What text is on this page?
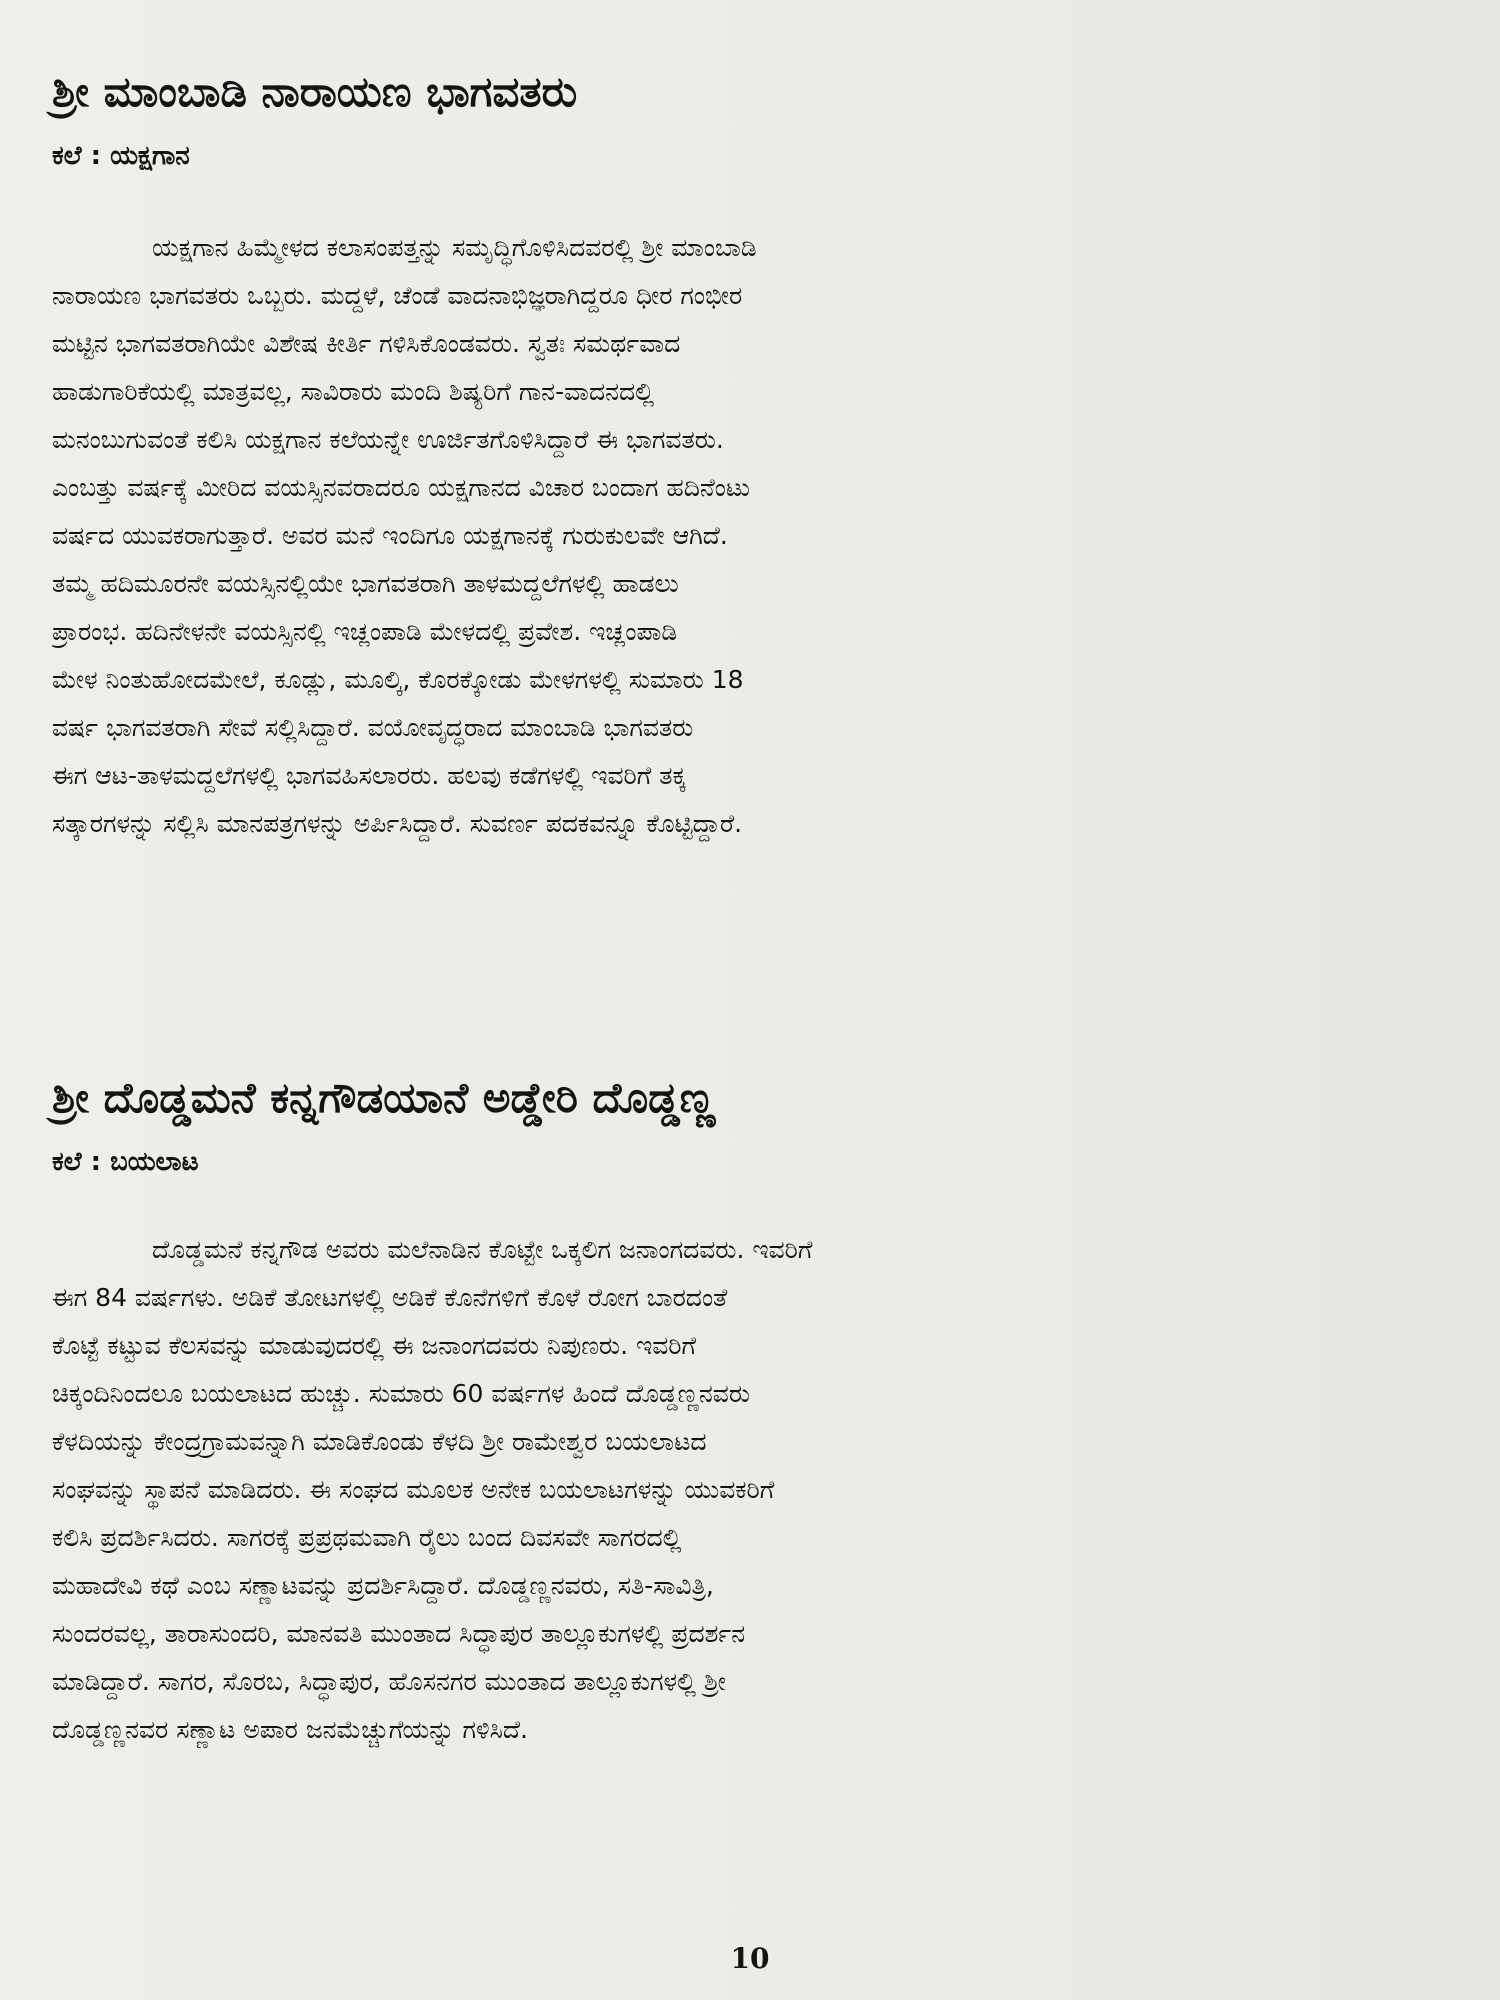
ಶ್ರೀ ಮಾಂಬಾಡಿ ನಾರಾಯಣ ಭಾಗವತರು
ಕಲೆ : ಯಕ್ಷಗಾನ
ಯಕ್ಷಗಾನ ಹಿಮ್ಮೇಳದ ಕಲಾಸಂಪತ್ತನ್ನು ಸಮೃದ್ಧಿಗೊಳಿಸಿದವರಲ್ಲಿ ಶ್ರೀ ಮಾಂಬಾಡಿ
ನಾರಾಯಣ ಭಾಗವತರು ಒಬ್ಬರು. ಮದ್ದಳೆ, ಚೆಂಡೆ ವಾದನಾಭಿಜ್ಞರಾಗಿದ್ದರೂ ಧೀರ ಗಂಭೀರ
ಮಟ್ಟಿನ ಭಾಗವತರಾಗಿಯೇ ವಿಶೇಷ ಕೀರ್ತಿ ಗಳಿಸಿಕೊಂಡವರು. ಸ್ವತಃ ಸಮರ್ಥವಾದ
ಹಾಡುಗಾರಿಕೆಯಲ್ಲಿ ಮಾತ್ರವಲ್ಲ, ಸಾವಿರಾರು ಮಂದಿ ಶಿಷ್ಯರಿಗೆ ಗಾನ-ವಾದನದಲ್ಲಿ
ಮನಂಬುಗುವಂತೆ ಕಲಿಸಿ ಯಕ್ಷಗಾನ ಕಲೆಯನ್ನೇ ಊರ್ಜಿತಗೊಳಿಸಿದ್ದಾರೆ ಈ ಭಾಗವತರು.
ಎಂಬತ್ತು ವರ್ಷಕ್ಕೆ ಮೀರಿದ ವಯಸ್ಸಿನವರಾದರೂ ಯಕ್ಷಗಾನದ ವಿಚಾರ ಬಂದಾಗ ಹದಿನೆಂಟು
ವರ್ಷದ ಯುವಕರಾಗುತ್ತಾರೆ. ಅವರ ಮನೆ ಇಂದಿಗೂ ಯಕ್ಷಗಾನಕ್ಕೆ ಗುರುಕುಲವೇ ಆಗಿದೆ.
ತಮ್ಮ ಹದಿಮೂರನೇ ವಯಸ್ಸಿನಲ್ಲಿಯೇ ಭಾಗವತರಾಗಿ ತಾಳಮದ್ದಲೆಗಳಲ್ಲಿ ಹಾಡಲು
ಪ್ರಾರಂಭ. ಹದಿನೇಳನೇ ವಯಸ್ಸಿನಲ್ಲಿ ಇಚ್ಲಂಪಾಡಿ ಮೇಳದಲ್ಲಿ ಪ್ರವೇಶ. ಇಚ್ಲಂಪಾಡಿ
ಮೇಳ ನಿಂತುಹೋದಮೇಲೆ, ಕೂಡ್ಲು, ಮೂಲ್ಕಿ, ಕೊರಕ್ಕೋಡು ಮೇಳಗಳಲ್ಲಿ ಸುಮಾರು 18
ವರ್ಷ ಭಾಗವತರಾಗಿ ಸೇವೆ ಸಲ್ಲಿಸಿದ್ದಾರೆ. ವಯೋವೃದ್ಧರಾದ ಮಾಂಬಾಡಿ ಭಾಗವತರು
ಈಗ ಆಟ-ತಾಳಮದ್ದಲೆಗಳಲ್ಲಿ ಭಾಗವಹಿಸಲಾರರು. ಹಲವು ಕಡೆಗಳಲ್ಲಿ ಇವರಿಗೆ ತಕ್ಕ
ಸತ್ಕಾರಗಳನ್ನು ಸಲ್ಲಿಸಿ ಮಾನಪತ್ರಗಳನ್ನು ಅರ್ಪಿಸಿದ್ದಾರೆ. ಸುವರ್ಣ ಪದಕವನ್ನೂ ಕೊಟ್ಟಿದ್ದಾರೆ.
ಶ್ರೀ ದೊಡ್ಡಮನೆ ಕನ್ನಗೌಡಯಾನೆ ಅಡ್ಡೇರಿ ದೊಡ್ಡಣ್ಣ
ಕಲೆ : ಬಯಲಾಟ
ದೊಡ್ಡಮನೆ ಕನ್ನಗೌಡ ಅವರು ಮಲೆನಾಡಿನ ಕೊಟ್ಟೇ ಒಕ್ಕಲಿಗ ಜನಾಂಗದವರು. ಇವರಿಗೆ
ಈಗ 84 ವರ್ಷಗಳು. ಅಡಿಕೆ ತೋಟಗಳಲ್ಲಿ ಅಡಿಕೆ ಕೊನೆಗಳಿಗೆ ಕೊಳೆ ರೋಗ ಬಾರದಂತೆ
ಕೊಟ್ಟೆ ಕಟ್ಟುವ ಕೆಲಸವನ್ನು ಮಾಡುವುದರಲ್ಲಿ ಈ ಜನಾಂಗದವರು ನಿಪುಣರು. ಇವರಿಗೆ
ಚಿಕ್ಕಂದಿನಿಂದಲೂ ಬಯಲಾಟದ ಹುಚ್ಚು. ಸುಮಾರು 60 ವರ್ಷಗಳ ಹಿಂದೆ ದೊಡ್ಡಣ್ಣನವರು
ಕೆಳದಿಯನ್ನು ಕೇಂದ್ರಗ್ರಾಮವನ್ನಾಗಿ ಮಾಡಿಕೊಂಡು ಕೆಳದಿ ಶ್ರೀ ರಾಮೇಶ್ವರ ಬಯಲಾಟದ
ಸಂಘವನ್ನು ಸ್ಥಾಪನೆ ಮಾಡಿದರು. ಈ ಸಂಘದ ಮೂಲಕ ಅನೇಕ ಬಯಲಾಟಗಳನ್ನು ಯುವಕರಿಗೆ
ಕಲಿಸಿ ಪ್ರದರ್ಶಿಸಿದರು. ಸಾಗರಕ್ಕೆ ಪ್ರಪ್ರಥಮವಾಗಿ ರೈಲು ಬಂದ ದಿವಸವೇ ಸಾಗರದಲ್ಲಿ
ಮಹಾದೇವಿ ಕಥೆ ಎಂಬ ಸಣ್ಣಾಟವನ್ನು ಪ್ರದರ್ಶಿಸಿದ್ದಾರೆ. ದೊಡ್ಡಣ್ಣನವರು, ಸತಿ-ಸಾವಿತ್ರಿ,
ಸುಂದರವಲ್ಲ, ತಾರಾಸುಂದರಿ, ಮಾನವತಿ ಮುಂತಾದ ಸಿದ್ಧಾಪುರ ತಾಲ್ಲೂಕುಗಳಲ್ಲಿ ಪ್ರದರ್ಶನ
ಮಾಡಿದ್ದಾರೆ. ಸಾಗರ, ಸೊರಬ, ಸಿದ್ಧಾಪುರ, ಹೊಸನಗರ ಮುಂತಾದ ತಾಲ್ಲೂಕುಗಳಲ್ಲಿ ಶ್ರೀ
ದೊಡ್ಡಣ್ಣನವರ ಸಣ್ಣಾಟ ಅಪಾರ ಜನಮೆಚ್ಚುಗೆಯನ್ನು ಗಳಿಸಿದೆ.
10
